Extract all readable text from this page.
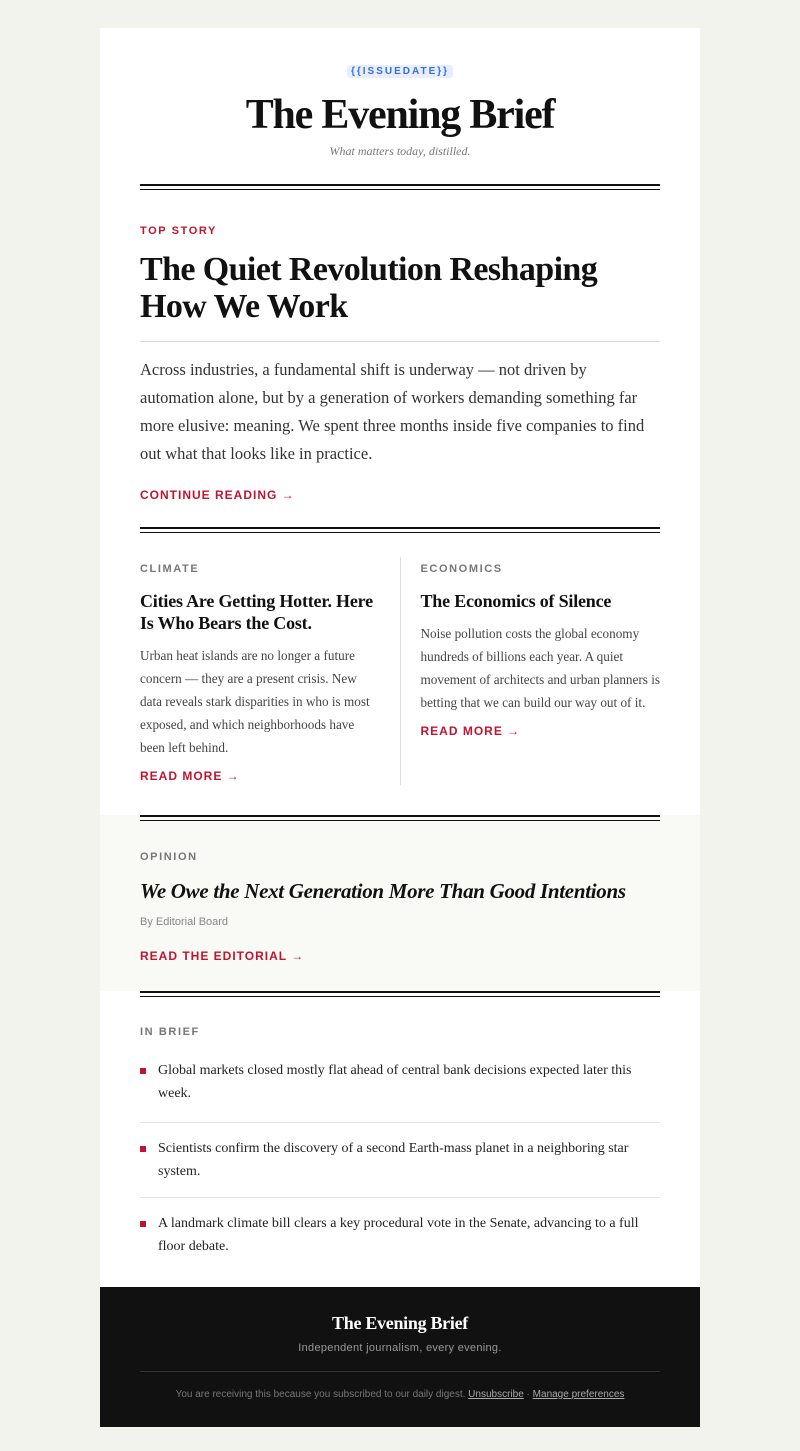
{{ISSUEDATE}}
The Evening Brief
What matters today, distilled.
TOP STORY
The Quiet Revolution Reshaping How We Work

Across industries, a fundamental shift is underway — not driven by automation alone, but by a generation of workers demanding something far more elusive: meaning. We spent three months inside five companies to find out what that looks like in practice.

CONTINUE READING →
CLIMATE
Cities Are Getting Hotter. Here Is Who Bears the Cost.
Urban heat islands are no longer a future concern — they are a present crisis. New data reveals stark disparities in who is most exposed, and which neighborhoods have been left behind.
READ MORE →
ECONOMICS
The Economics of Silence
Noise pollution costs the global economy hundreds of billions each year. A quiet movement of architects and urban planners is betting that we can build our way out of it.
READ MORE →
OPINION
We Owe the Next Generation More Than Good Intentions
By Editorial Board
READ THE EDITORIAL →
IN BRIEF
Global markets closed mostly flat ahead of central bank decisions expected later this week.
Scientists confirm the discovery of a second Earth-mass planet in a neighboring star system.
A landmark climate bill clears a key procedural vote in the Senate, advancing to a full floor debate.
The Evening Brief
Independent journalism, every evening.
You are receiving this because you subscribed to our daily digest. Unsubscribe · Manage preferences
